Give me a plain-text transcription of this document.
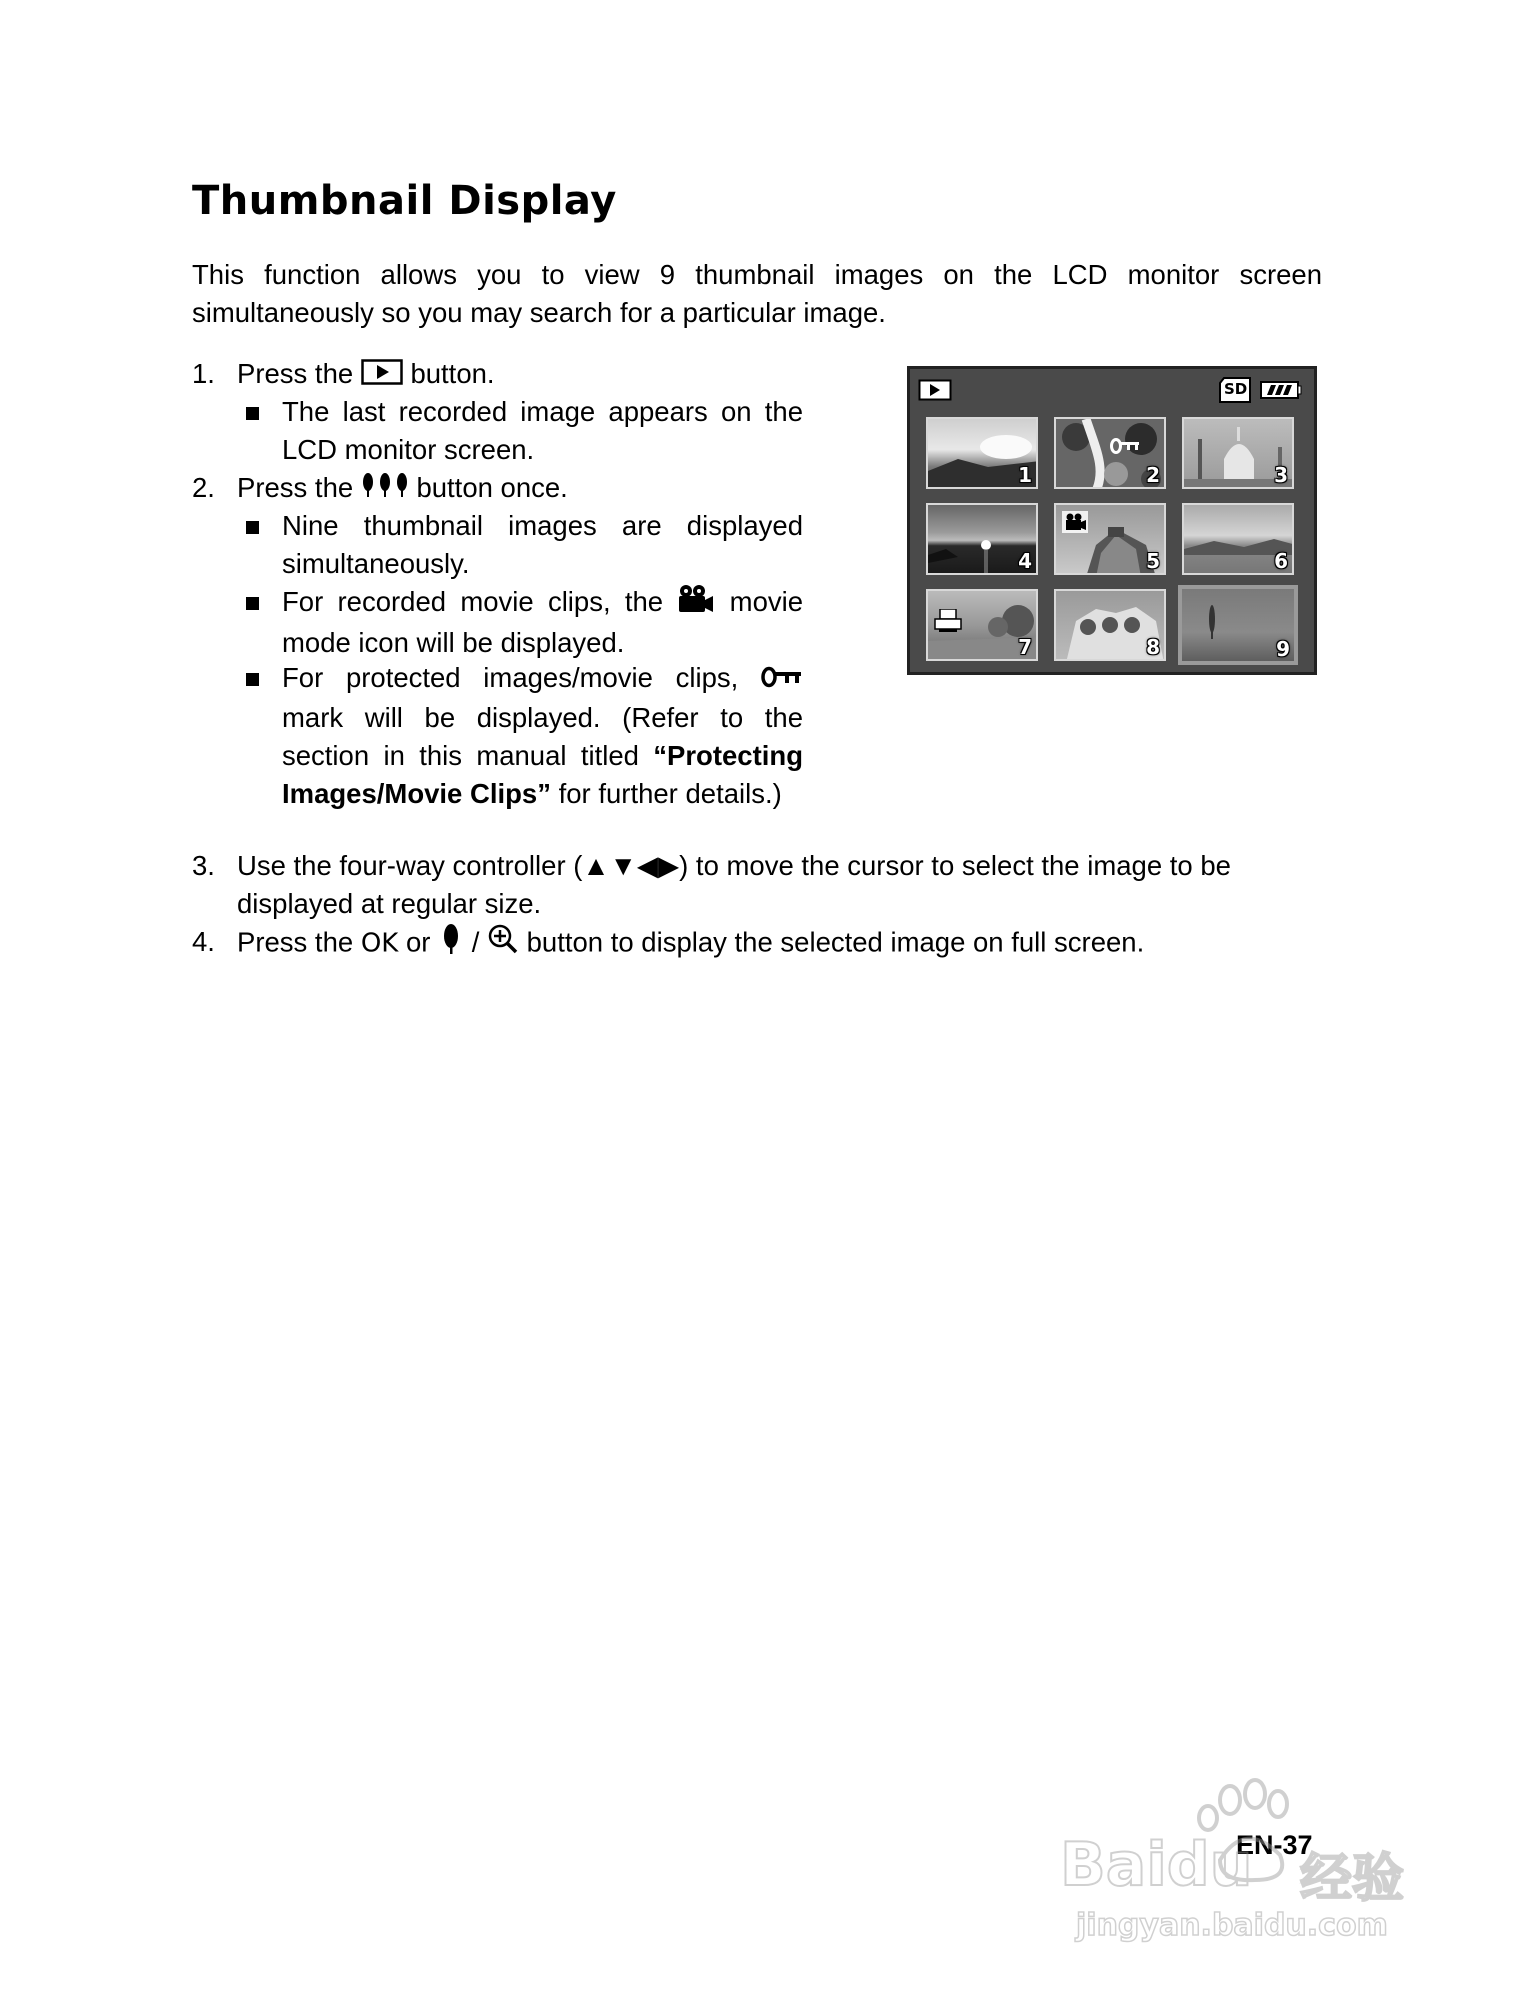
Thumbnail Display

This function allows you to view 9 thumbnail images on the LCD monitor screen simultaneously so you may search for a particular image.

1. Press the button.
The last recorded image appears on the LCD monitor screen.
2. Press the button once.
Nine thumbnail images are displayed simultaneously.
For recorded movie clips, the movie mode icon will be displayed.
For protected images/movie clips,  mark will be displayed. (Refer to the section in this manual titled “Protecting Images/Movie Clips” for further details.)
3. Use the four-way controller (▲▼◀▶) to move the cursor to select the image to be displayed at regular size.
4. Press the OK or / button to display the selected image on full screen.
SD
1	2	3
4	5	6
7	8	9
EN-37
Baidu 经验
jingyan.baidu.com
